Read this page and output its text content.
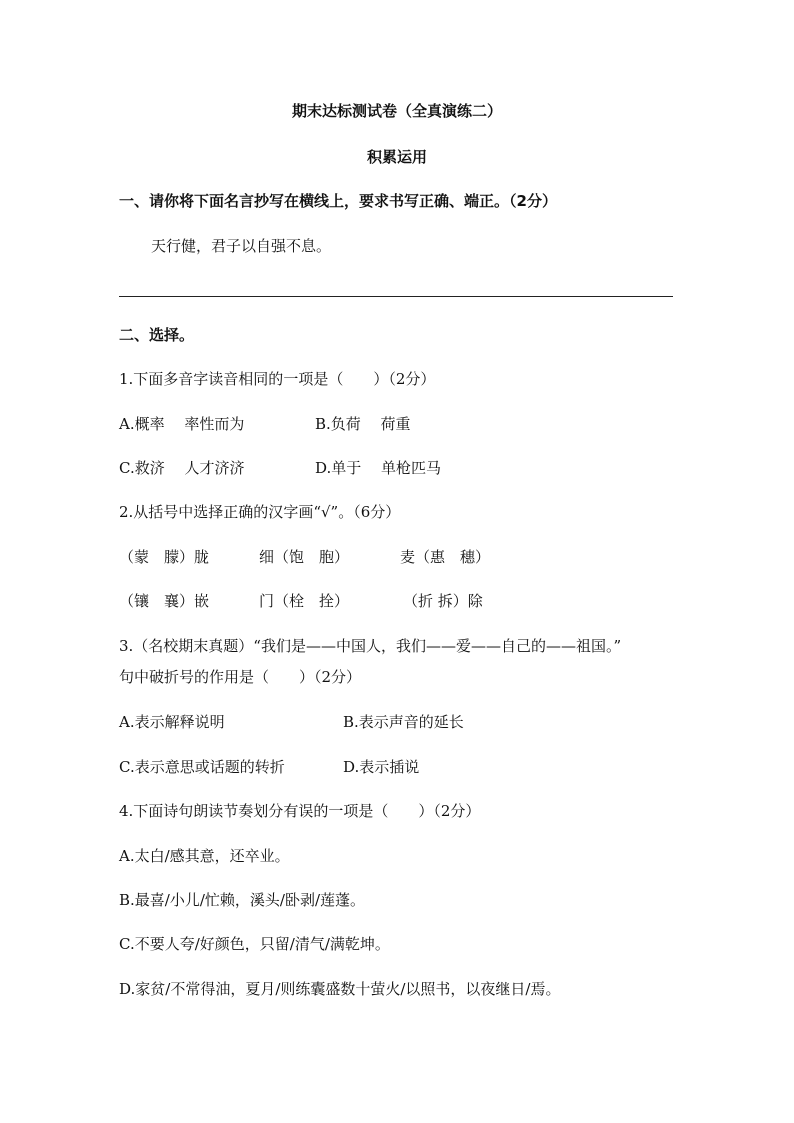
期末达标测试卷（全真演练二）
积累运用
一、请你将下面名言抄写在横线上，要求书写正确、端正。（2分）
天行健，君子以自强不息。
二、选择。
1.下面多音字读音相同的一项是（　　）（2分）
A.概率　 率性而为	B.负荷　 荷重
C.救济　 人才济济	D.单于　 单枪匹马
2.从括号中选择正确的汉字画“√”。（6分）
（蒙　朦）胧	细（饱　胞）	麦（惠　穗）
（镶　襄）嵌	门（栓　拴）	（折 拆）除
3.（名校期末真题）“我们是——中国人，我们——爱——自己的——祖国。”
句中破折号的作用是（　　）（2分）
A.表示解释说明	B.表示声音的延长
C.表示意思或话题的转折	D.表示插说
4.下面诗句朗读节奏划分有误的一项是（　　）（2分）
A.太白/感其意，还卒业。
B.最喜/小儿/忙赖，溪头/卧剥/莲蓬。
C.不要人夸/好颜色，只留/清气/满乾坤。
D.家贫/不常得油，夏月/则练囊盛数十萤火/以照书，以夜继日/焉。
